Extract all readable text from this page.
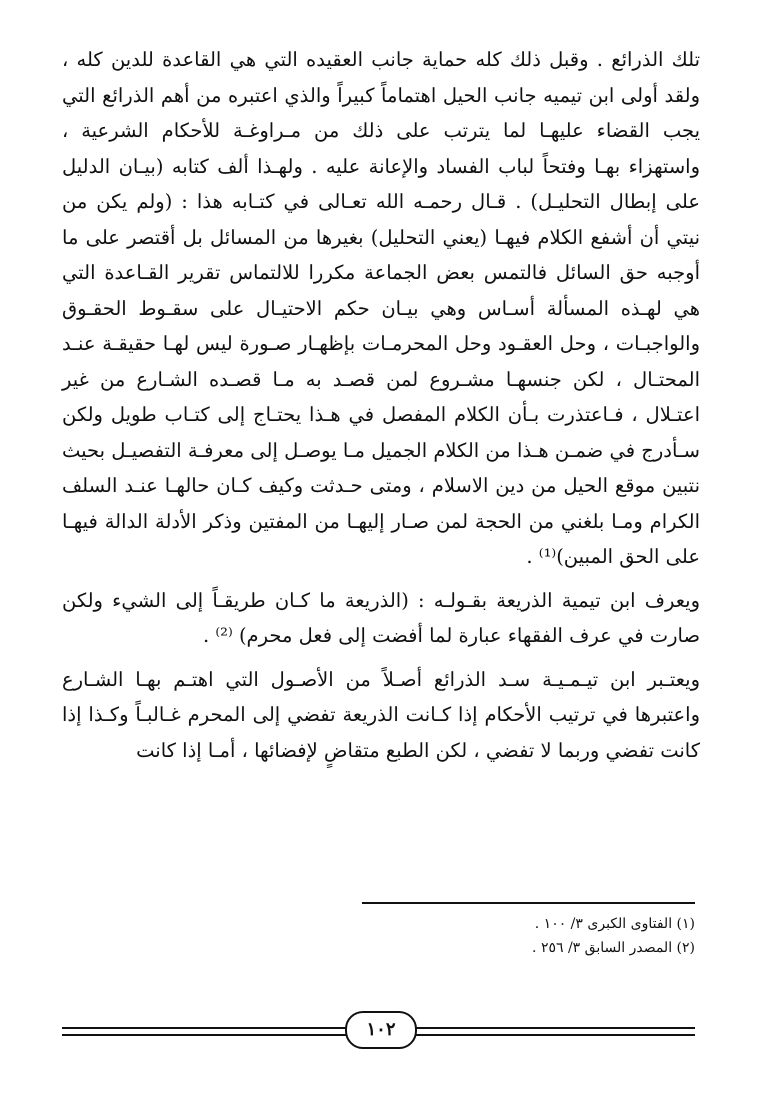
تلك الذرائع . وقبل ذلك كله حماية جانب العقيده التي هي القاعدة للدين كله ، ولقد أولى ابن تيميه جانب الحيل اهتماماً كبيراً والذي اعتبره من أهم الذرائع التي يجب القضاء عليهـا لما يترتب على ذلك من مـراوغـة للأحكام الشرعية ، واستهزاء بهـا وفتحاً لباب الفساد والإعانة عليه . ولهـذا ألف كتابه (بيـان الدليل على إبطال التحليـل) . قـال رحمـه الله تعـالى في كتـابه هذا : (ولم يكن من نيتي أن أشفع الكلام فيهـا (يعني التحليل) بغيرها من المسائل بل أقتصر على ما أوجبه حق السائل فالتمس بعض الجماعة مكررا للالتماس تقرير القـاعدة التي هي لهـذه المسألة أسـاس وهي بيـان حكم الاحتيـال على سقـوط الحقـوق والواجبـات ، وحل العقـود وحل المحرمـات بإظهـار صـورة ليس لهـا حقيقـة عنـد المحتـال ، لكن جنسهـا مشـروع لمن قصـد به مـا قصـده الشـارع من غير اعتـلال ، فـاعتذرت بـأن الكلام المفصل في هـذا يحتـاج إلى كتـاب طويل ولكن سـأدرج في ضمـن هـذا من الكلام الجميل مـا يوصـل إلى معرفـة التفصيـل بحيث نتبين موقع الحيل من دين الاسلام ، ومتى حـدثت وكيف كـان حالهـا عنـد السلف الكرام ومـا بلغني من الحجة لمن صـار إليهـا من المفتين وذكر الأدلة الدالة فيهـا على الحق المبين)⁽¹⁾ .

ويعرف ابن تيمية الذريعة بقـولـه : (الذريعة ما كـان طريقـاً إلى الشيء ولكن صارت في عرف الفقهاء عبارة لما أفضت إلى فعل محرم) ⁽²⁾ .

ويعتـبر ابن تيـمـيـة سـد الذرائع أصـلاً من الأصـول التي اهتـم بهـا الشـارع واعتبرها في ترتيب الأحكام إذا كـانت الذريعة تفضي إلى المحرم غـالبـاً وكـذا إذا كانت تفضي وربما لا تفضي ، لكن الطبع متقاضٍ لإفضائها ، أمـا إذا كانت

(١) الفتاوى الكبرى ٣/ ١٠٠ .
(٢) المصدر السابق ٣/ ٢٥٦ .
١٠٢
